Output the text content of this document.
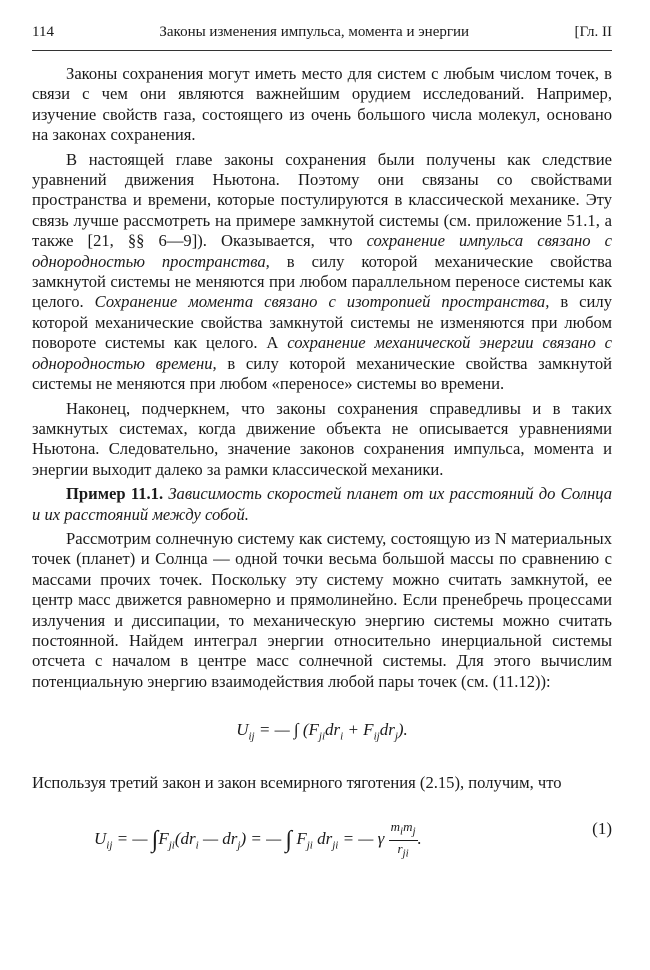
114	Законы изменения импульса, момента и энергии	[Гл. II

Законы сохранения могут иметь место для систем с любым числом точек, в связи с чем они являются важнейшим орудием исследований. Например, изучение свойств газа, состоящего из очень большого числа молекул, основано на законах сохранения.

В настоящей главе законы сохранения были получены как следствие уравнений движения Ньютона. Поэтому они связаны со свойствами пространства и времени, которые постулируются в классической механике. Эту связь лучше рассмотреть на примере замкнутой системы (см. приложение 51.1, а также [21, §§ 6—9]). Оказывается, что сохранение импульса связано с однородностью пространства, в силу которой механические свойства замкнутой системы не меняются при любом параллельном переносе системы как целого. Сохранение момента связано с изотропией пространства, в силу которой механические свойства замкнутой системы не изменяются при любом повороте системы как целого. А сохранение механической энергии связано с однородностью времени, в силу которой механические свойства замкнутой системы не меняются при любом «переносе» системы во времени.

Наконец, подчеркнем, что законы сохранения справедливы и в таких замкнутых системах, когда движение объекта не описывается уравнениями Ньютона. Следовательно, значение законов сохранения импульса, момента и энергии выходит далеко за рамки классической механики.

Пример 11.1. Зависимость скоростей планет от их расстояний до Солнца и их расстояний между собой.

Рассмотрим солнечную систему как систему, состоящую из N материальных точек (планет) и Солнца — одной точки весьма большой массы по сравнению с массами прочих точек. Поскольку эту систему можно считать замкнутой, ее центр масс движется равномерно и прямолинейно. Если пренебречь процессами излучения и диссипации, то механическую энергию системы можно считать постоянной. Найдем интеграл энергии относительно инерциальной системы отсчета с началом в центре масс солнечной системы. Для этого вычислим потенциальную энергию взаимодействия любой пары точек (см. (11.12)):

$U_{ij}$ = — ∫ $(F_{ji}dr_i + F_{ij}dr_j)$.

Используя третий закон и закон всемирного тяготения (2.15), получим, что

$U_{ij}$ = — $\int F_{ji}(dr_i$ — $dr_j$) = — ∫ $F_{ji}$ $dr_{ji}$ = — γ $\frac{m_im_j}{r_{ji}}$ .
(1)
